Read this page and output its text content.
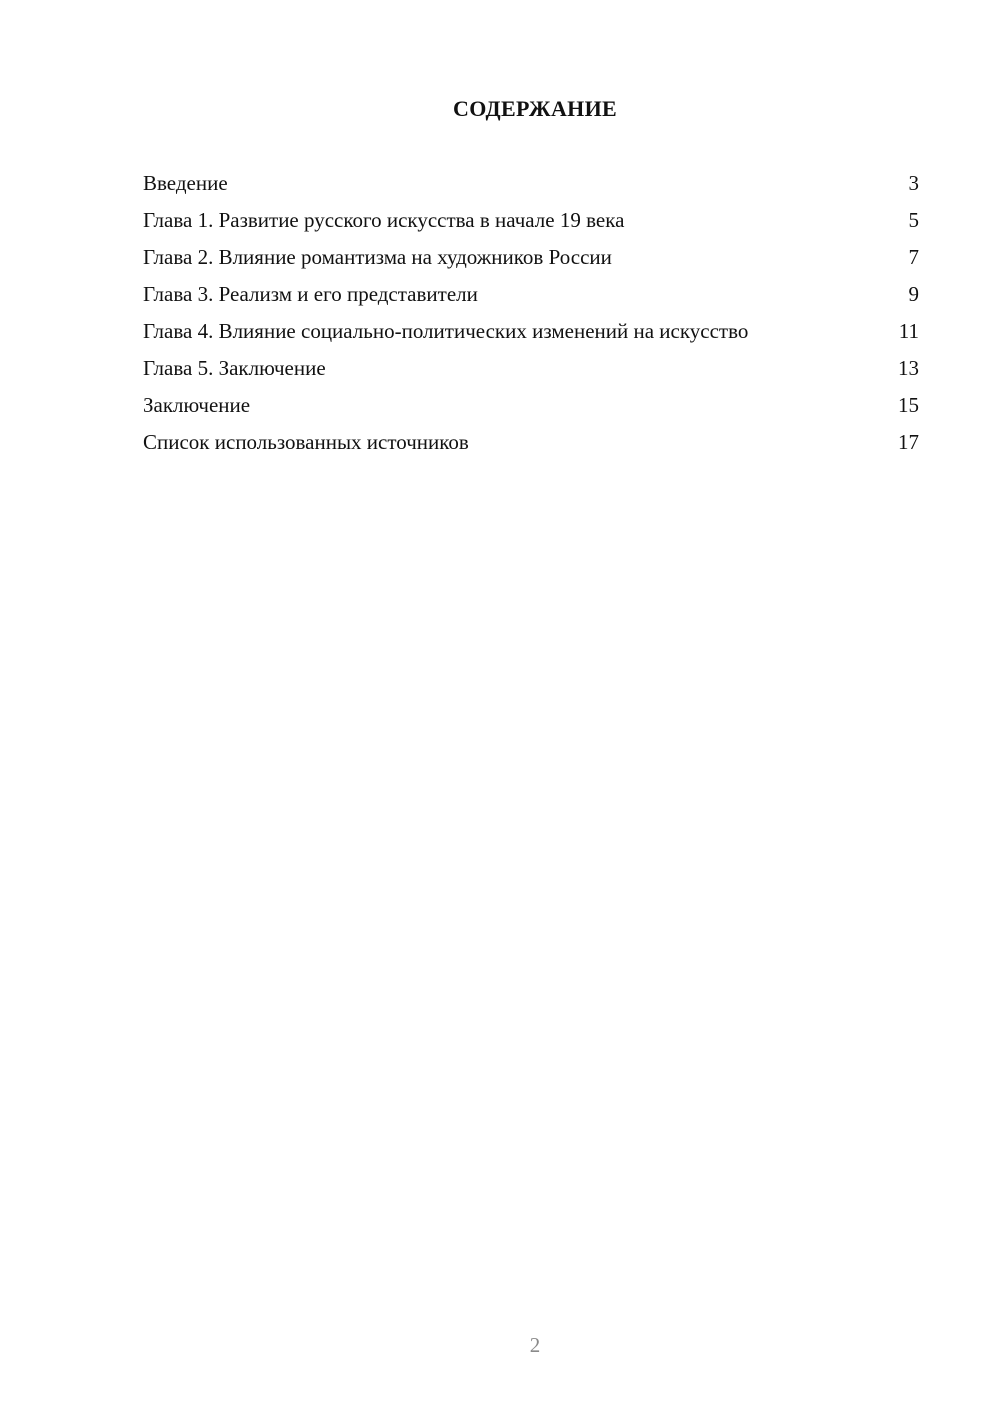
СОДЕРЖАНИЕ
Введение	3
Глава 1. Развитие русского искусства в начале 19 века	5
Глава 2. Влияние романтизма на художников России	7
Глава 3. Реализм и его представители	9
Глава 4. Влияние социально-политических изменений на искусство	11
Глава 5. Заключение	13
Заключение	15
Список использованных источников	17
2
